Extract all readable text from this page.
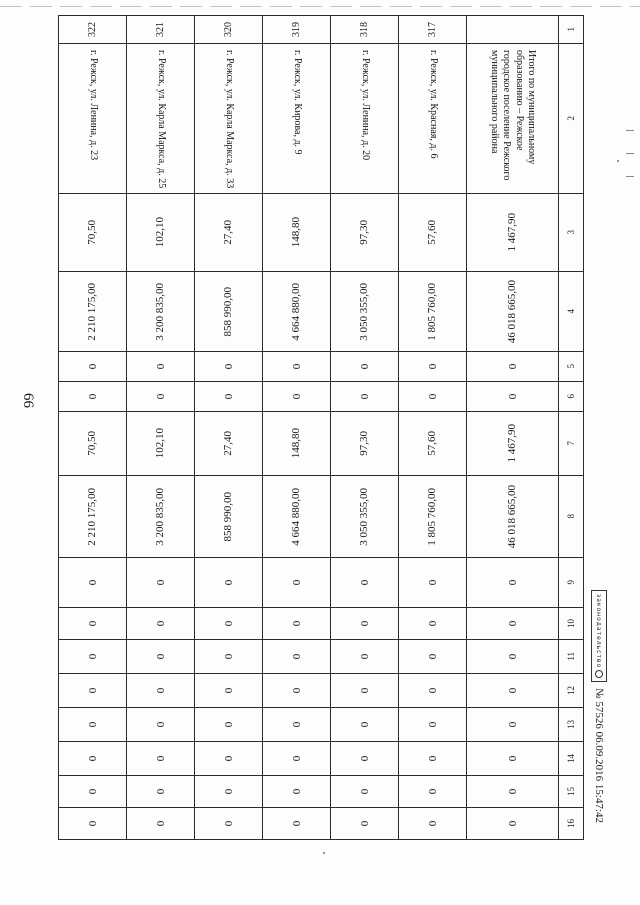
66
1	2	3	4	5	6	7	8	9	10	11	12	13	14	15	16
	Итого по муниципальному образованию – Режское городское поселение Режского муниципального района	1 467,90	46 018 665,00	0	0	1 467,90	46 018 665,00	0	0	0	0	0	0	0	0
317	г. Режск, ул. Красная, д. 6	57,60	1 805 760,00	0	0	57,60	1 805 760,00	0	0	0	0	0	0	0	0
318	г. Режск, ул. Ленина, д. 20	97,30	3 050 355,00	0	0	97,30	3 050 355,00	0	0	0	0	0	0	0	0
319	г. Режск, ул. Кирова, д. 9	148,80	4 664 880,00	0	0	148,80	4 664 880,00	0	0	0	0	0	0	0	0
320	г. Режск, ул. Карла Маркса, д. 33	27,40	858 990,00	0	0	27,40	858 990,00	0	0	0	0	0	0	0	0
321	г. Режск, ул. Карла Маркса, д. 25	102,10	3 200 835,00	0	0	102,10	3 200 835,00	0	0	0	0	0	0	0	0
322	г. Режск, ул. Ленина, д. 23	70,50	2 210 175,00	0	0	70,50	2 210 175,00	0	0	0	0	0	0	0	0
законодательство
№ 57526 06.09.2016 15:47:42
